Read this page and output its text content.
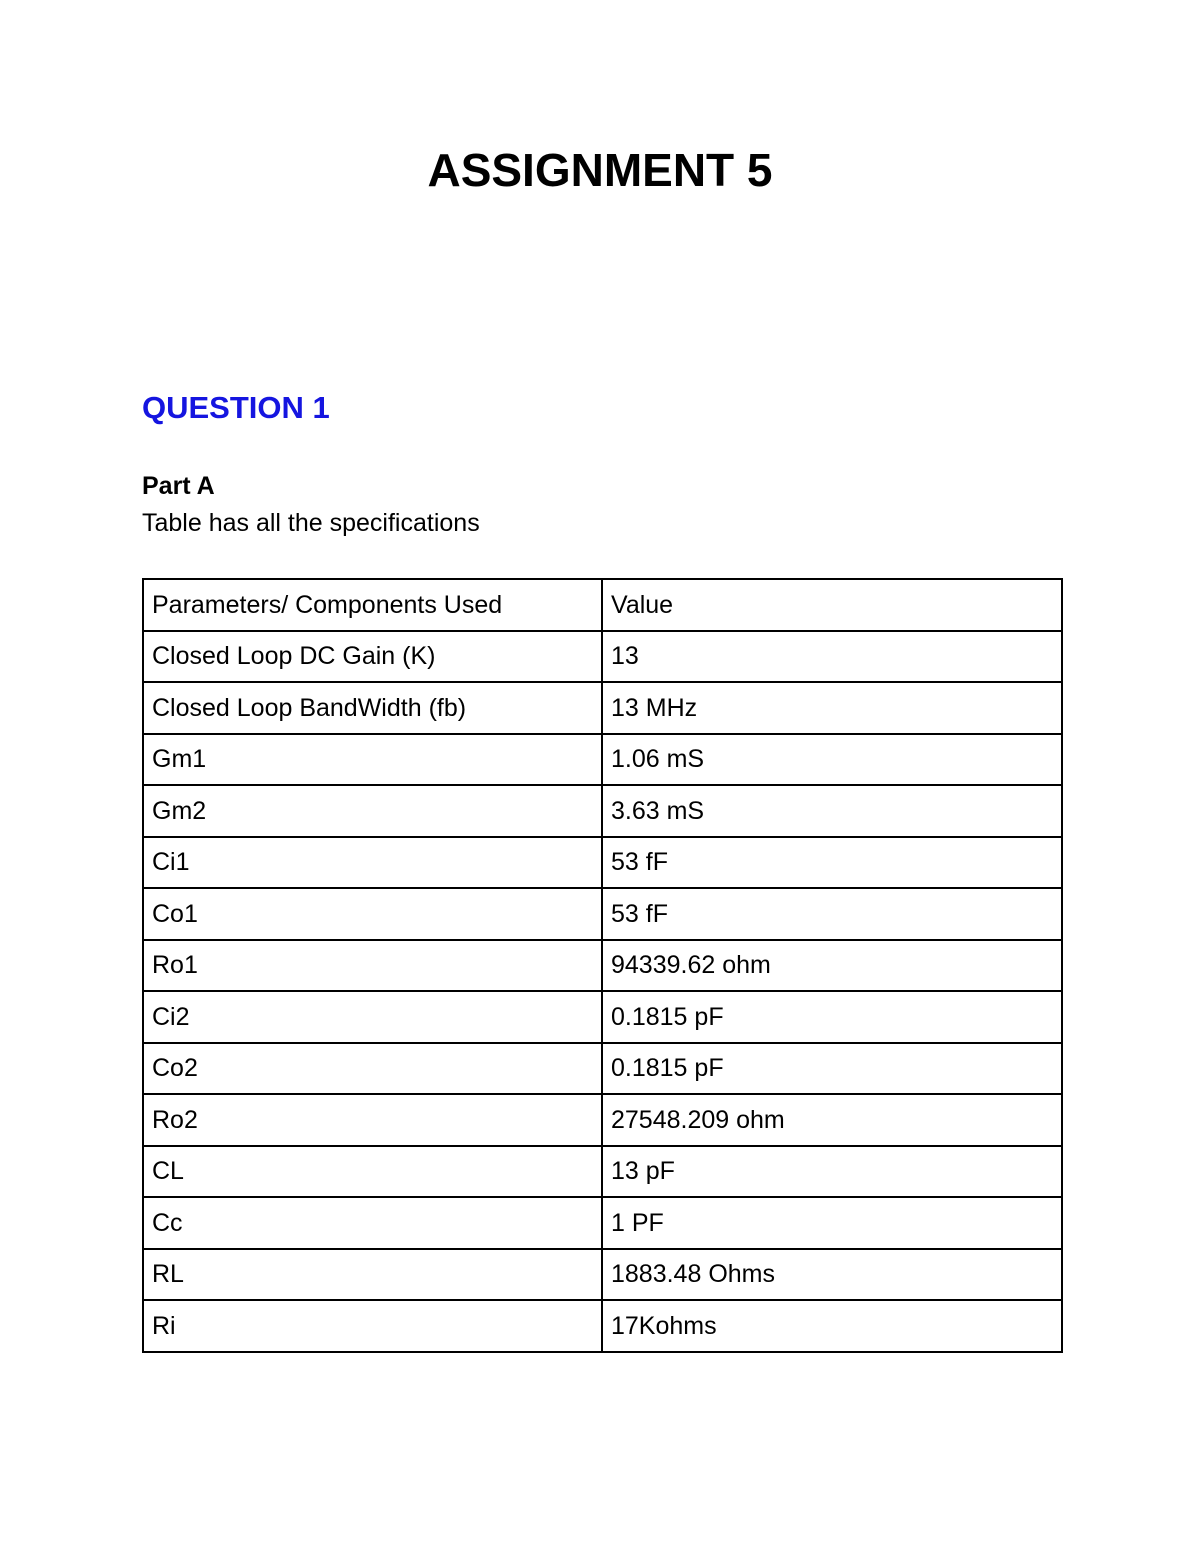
ASSIGNMENT 5
QUESTION 1
Part A
Table has all the specifications
Parameters/ Components Used	Value
Closed Loop DC Gain (K)	13
Closed Loop BandWidth (fb)	13 MHz
Gm1	1.06 mS
Gm2	3.63 mS
Ci1	53 fF
Co1	53 fF
Ro1	94339.62 ohm
Ci2	0.1815 pF
Co2	0.1815 pF
Ro2	27548.209 ohm
CL	13 pF
Cc	1 PF
RL	1883.48 Ohms
Ri	17Kohms
